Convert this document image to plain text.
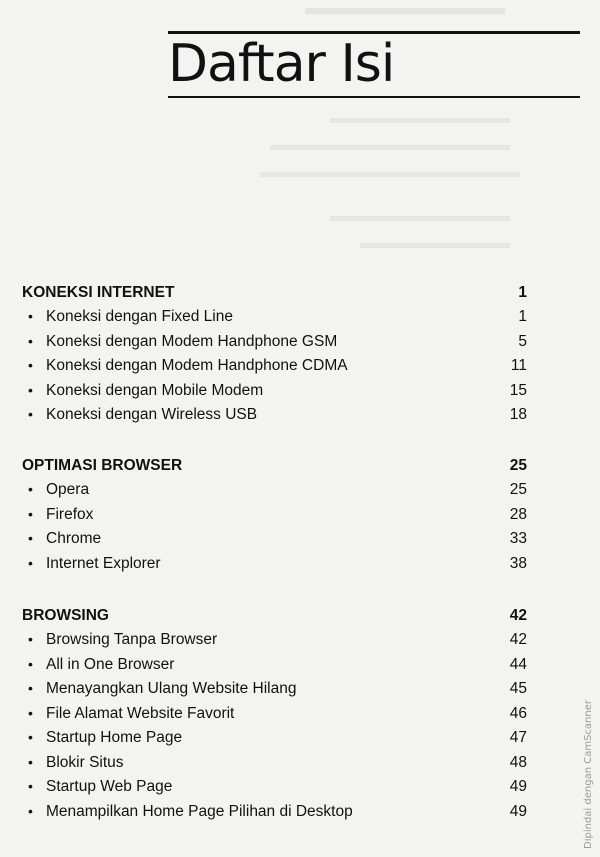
Daftar Isi
KONEKSI INTERNET	1
• Koneksi dengan Fixed Line	1
• Koneksi dengan Modem Handphone GSM	5
• Koneksi dengan Modem Handphone CDMA	11
• Koneksi dengan Mobile Modem	15
• Koneksi dengan Wireless USB	18
OPTIMASI BROWSER	25
• Opera	25
• Firefox	28
• Chrome	33
• Internet Explorer	38
BROWSING	42
• Browsing Tanpa Browser	42
• All in One Browser	44
• Menayangkan Ulang Website Hilang	45
• File Alamat Website Favorit	46
• Startup Home Page	47
• Blokir Situs	48
• Startup Web Page	49
• Menampilkan Home Page Pilihan di Desktop	49	Dipindai dengan CamScanner
